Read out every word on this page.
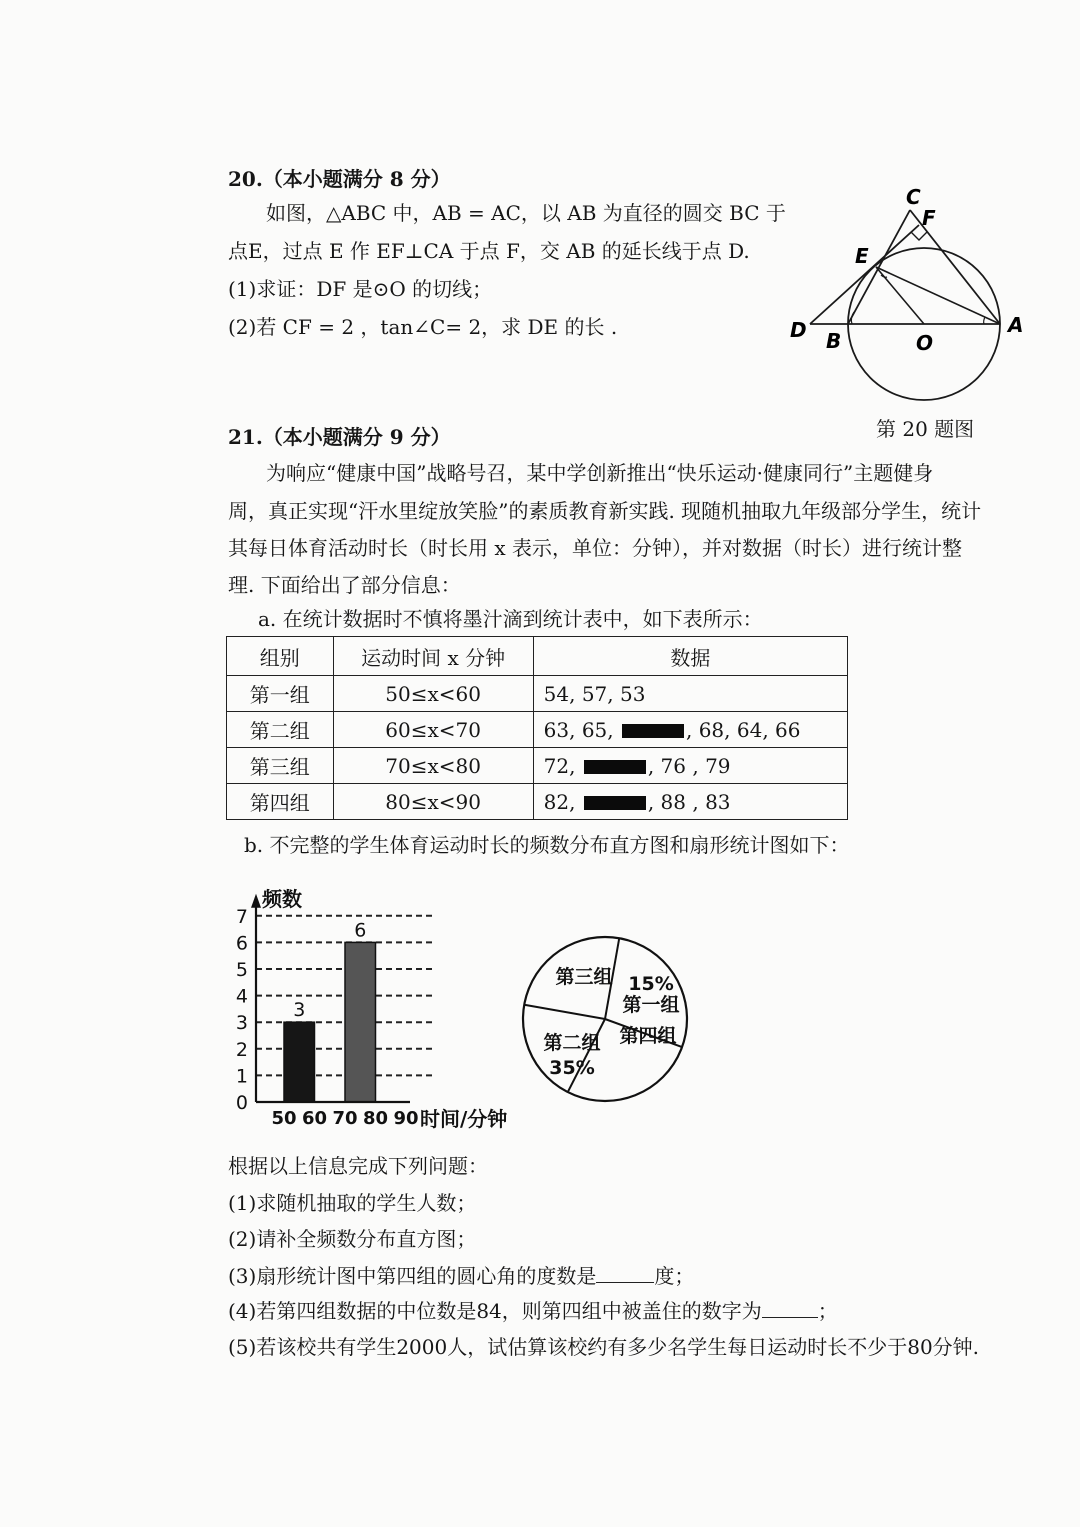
20.（本小题满分 8 分）
如图，△ABC 中，AB = AC，以 AB 为直径的圆交 BC 于
点E，过点 E 作 EF⊥CA 于点 F，交 AB 的延长线于点 D.
(1)求证：DF 是⊙O 的切线；
(2)若 CF = 2 ，tan∠C= 2，求 DE 的长 .
C
F
E
D B	O
A
第 20 题图
21.（本小题满分 9 分）
为响应“健康中国”战略号召，某中学创新推出“快乐运动·健康同行”主题健身
周，真正实现“汗水里绽放笑脸”的素质教育新实践. 现随机抽取九年级部分学生，统计
其每日体育活动时长（时长用 x 表示，单位：分钟），并对数据（时长）进行统计整
理. 下面给出了部分信息：
a. 在统计数据时不慎将墨汁滴到统计表中，如下表所示：
组别	运动时间 x 分钟	数据
第一组	50≤x<60	54, 57, 53
第二组	60≤x<70	63, 65, , 68, 64, 66
第三组	70≤x<80	72, , 76 , 79
第四组	80≤x<90	82, , 88 , 83
b. 不完整的学生体育运动时长的频数分布直方图和扇形统计图如下：
3
6
0
1
2
3
4
5
6
7
50 60 70 80 90
频数
时间/分钟
第三组 15%
第一组
第四组
第二组
35%
根据以上信息完成下列问题：
(1)求随机抽取的学生人数；
(2)请补全频数分布直方图；
(3)扇形统计图中第四组的圆心角的度数是	度；
(4)若第四组数据的中位数是84，则第四组中被盖住的数字为	；
(5)若该校共有学生2000人，试估算该校约有多少名学生每日运动时长不少于80分钟.
